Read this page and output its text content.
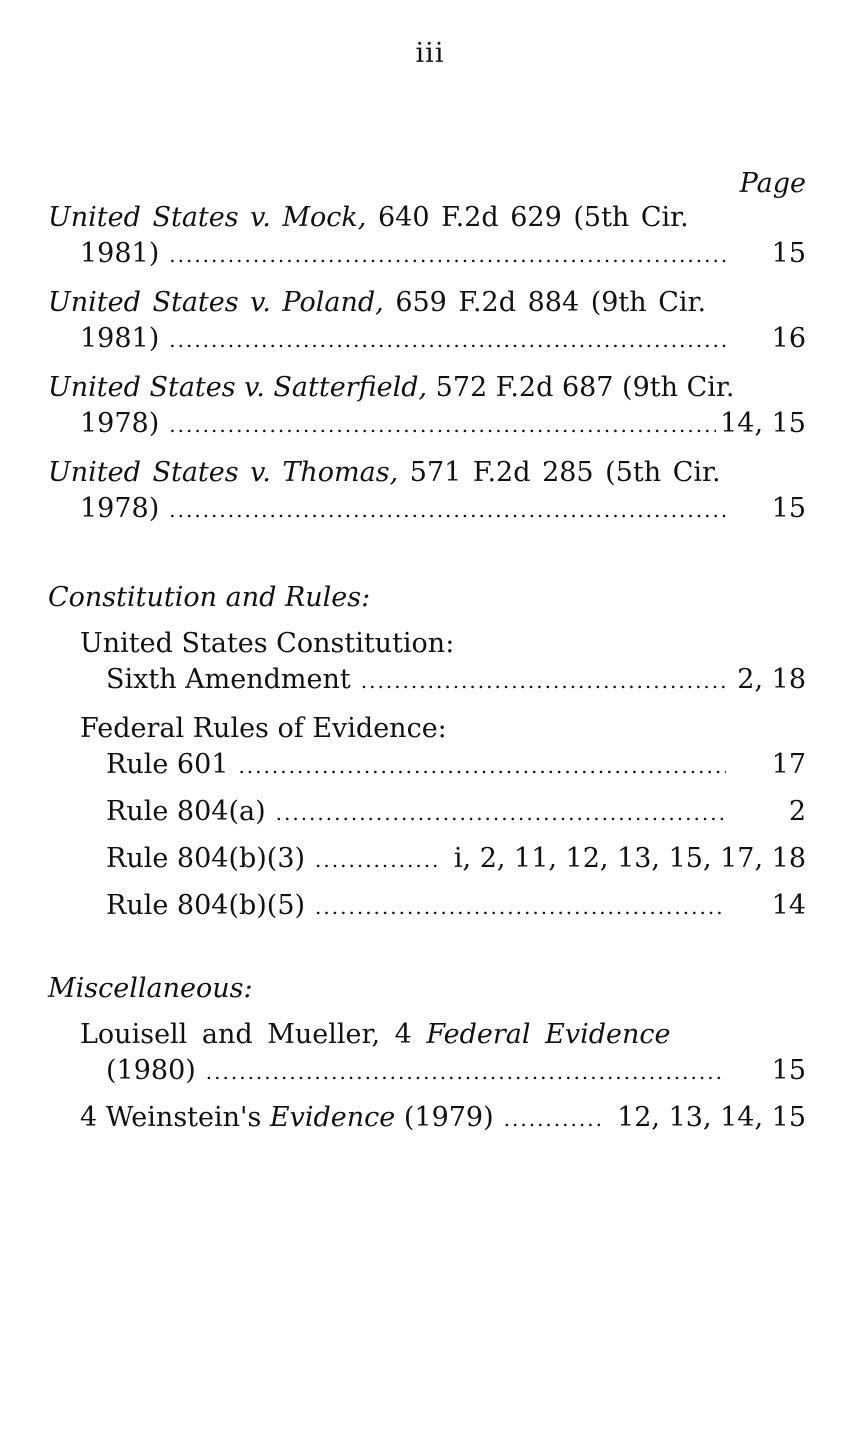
iii
Page
United States v. Mock, 640 F.2d 629 (5th Cir.
1981) .....	15
United States v. Poland, 659 F.2d 884 (9th Cir.
1981) .....	16
United States v. Satterfield, 572 F.2d 687 (9th Cir.
1978) .....	14, 15
United States v. Thomas, 571 F.2d 285 (5th Cir.
1978) .....	15
Constitution and Rules:
United States Constitution:
Sixth Amendment .....	2, 18
Federal Rules of Evidence:
Rule 601 .....	17
Rule 804(a) .....	2
Rule 804(b)(3) .....	i, 2, 11, 12, 13, 15, 17, 18
Rule 804(b)(5) .....	14
Miscellaneous:
Louisell and Mueller, 4 Federal Evidence
(1980) .....	15
4 Weinstein's Evidence (1979) .....	12, 13, 14, 15
